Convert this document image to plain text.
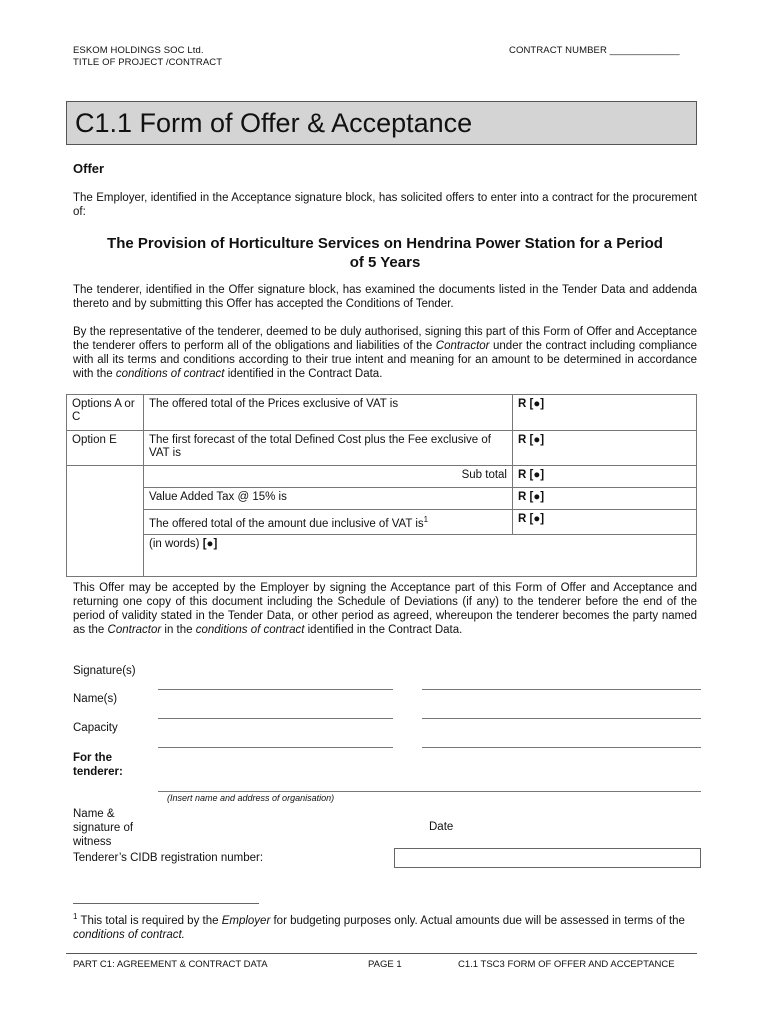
ESKOM HOLDINGS SOC Ltd.
TITLE OF PROJECT /CONTRACT
CONTRACT NUMBER _____________
C1.1 Form of Offer & Acceptance
Offer
The Employer, identified in the Acceptance signature block, has solicited offers to enter into a contract for the procurement of:
The Provision of Horticulture Services on Hendrina Power Station for a Period
of 5 Years
The tenderer, identified in the Offer signature block, has examined the documents listed in the Tender Data and addenda thereto and by submitting this Offer has accepted the Conditions of Tender.
By the representative of the tenderer, deemed to be duly authorised, signing this part of this Form of Offer and Acceptance the tenderer offers to perform all of the obligations and liabilities of the Contractor under the contract including compliance with all its terms and conditions according to their true intent and meaning for an amount to be determined in accordance with the conditions of contract identified in the Contract Data.
Options A or C	The offered total of the Prices exclusive of VAT is	R [●]
Option E	The first forecast of the total Defined Cost plus the Fee exclusive of VAT is	R [●]
	Sub total	R [●]
	Value Added Tax @ 15% is	R [●]
	The offered total of the amount due inclusive of VAT $is^1$	R [●]
	(in words) [●]	
This Offer may be accepted by the Employer by signing the Acceptance part of this Form of Offer and Acceptance and returning one copy of this document including the Schedule of Deviations (if any) to the tenderer before the end of the period of validity stated in the Tender Data, or other period as agreed, whereupon the tenderer becomes the party named as the Contractor in the conditions of contract identified in the Contract Data.
Signature(s)
Name(s)
Capacity
For the
tenderer:
(Insert name and address of organisation)
Name &
signature of
witness
Date
Tenderer’s CIDB registration number:
$^1$ This total is required by the Employer for budgeting purposes only. Actual amounts due will be assessed in terms of the conditions of contract.
PART C1: AGREEMENT & CONTRACT DATA	PAGE 1	C1.1 TSC3 FORM OF OFFER AND ACCEPTANCE
